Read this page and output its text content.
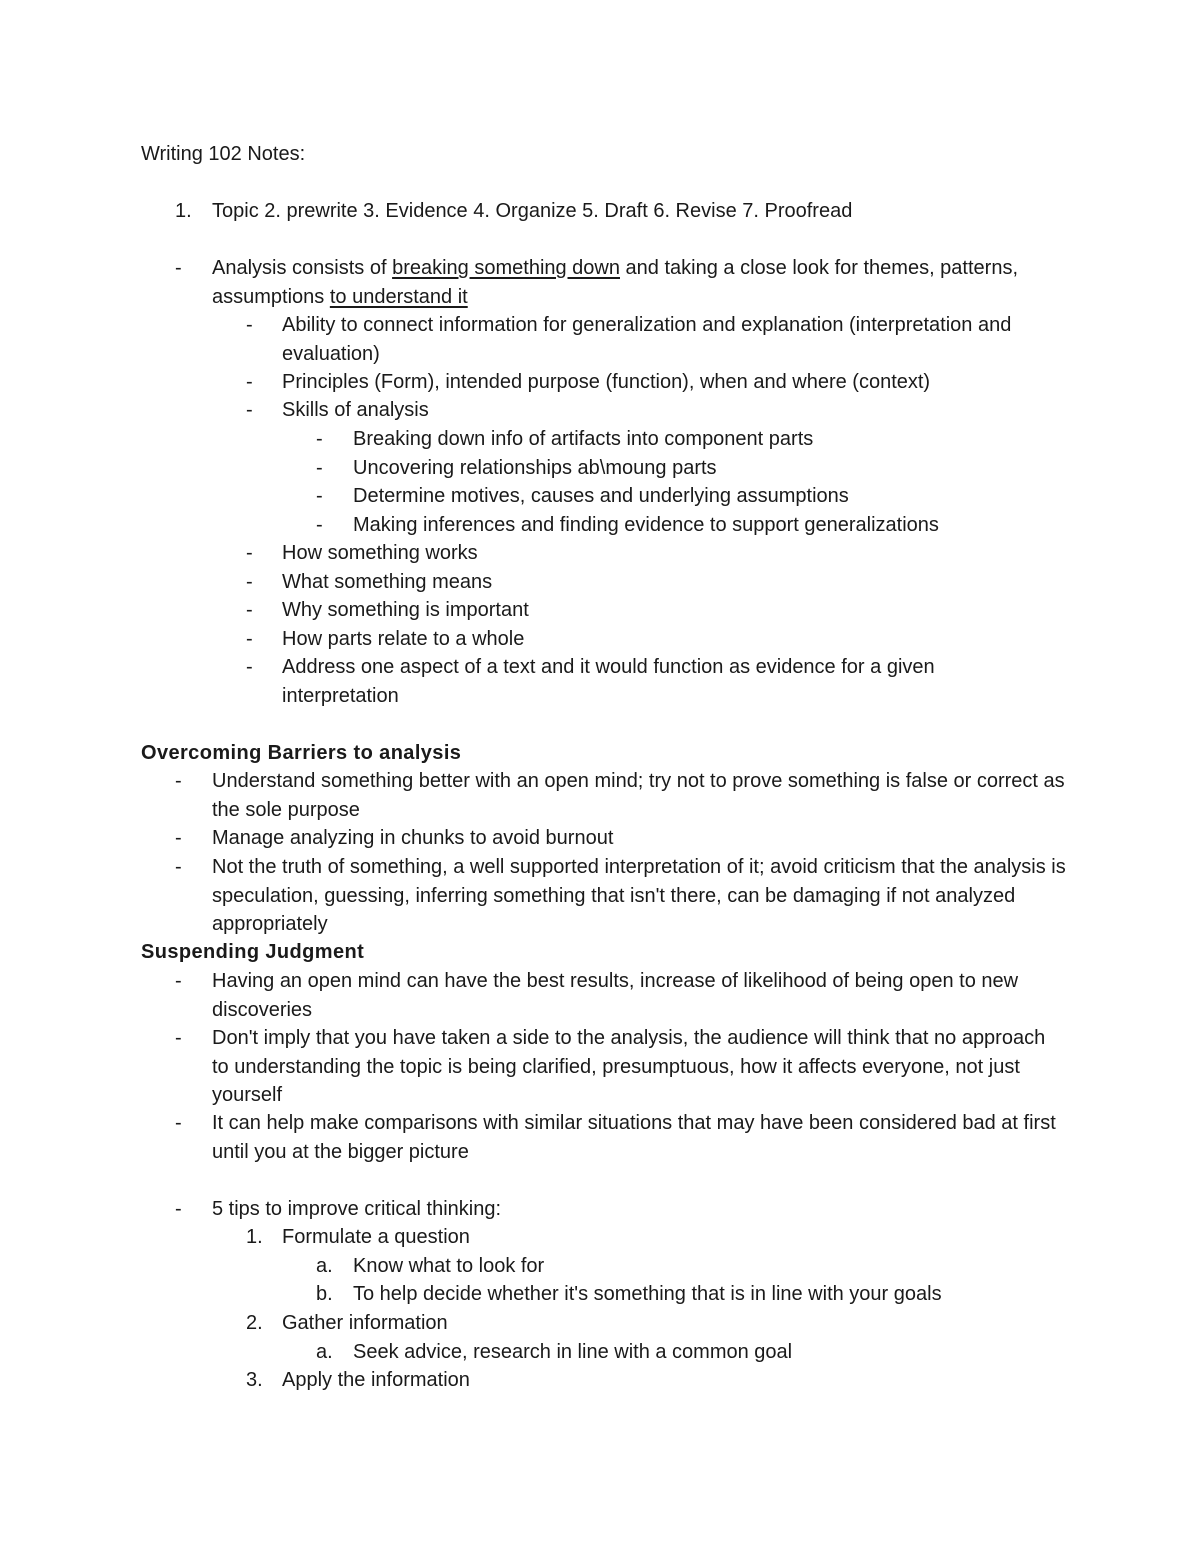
Writing 102 Notes:
1. Topic 2. prewrite 3. Evidence 4. Organize 5. Draft 6. Revise 7. Proofread
- Analysis consists of breaking something down and taking a close look for themes, patterns, assumptions to understand it
- Ability to connect information for generalization and explanation (interpretation and evaluation)
- Principles (Form), intended purpose (function), when and where (context)
- Skills of analysis
- Breaking down info of artifacts into component parts
- Uncovering relationships ab\moung parts
- Determine motives, causes and underlying assumptions
- Making inferences and finding evidence to support generalizations
- How something works
- What something means
- Why something is important
- How parts relate to a whole
- Address one aspect of a text and it would function as evidence for a given interpretation
Overcoming Barriers to analysis
- Understand something better with an open mind; try not to prove something is false or correct as the sole purpose
- Manage analyzing in chunks to avoid burnout
- Not the truth of something, a well supported interpretation of it; avoid criticism that the analysis is speculation, guessing, inferring something that isn't there, can be damaging if not analyzed appropriately
Suspending Judgment
- Having an open mind can have the best results, increase of likelihood of being open to new discoveries
- Don't imply that you have taken a side to the analysis, the audience will think that no approach to understanding the topic is being clarified, presumptuous, how it affects everyone, not just yourself
- It can help make comparisons with similar situations that may have been considered bad at first until you at the bigger picture
- 5 tips to improve critical thinking:
1. Formulate a question
a. Know what to look for
b. To help decide whether it's something that is in line with your goals
2. Gather information
a. Seek advice, research in line with a common goal
3. Apply the information
